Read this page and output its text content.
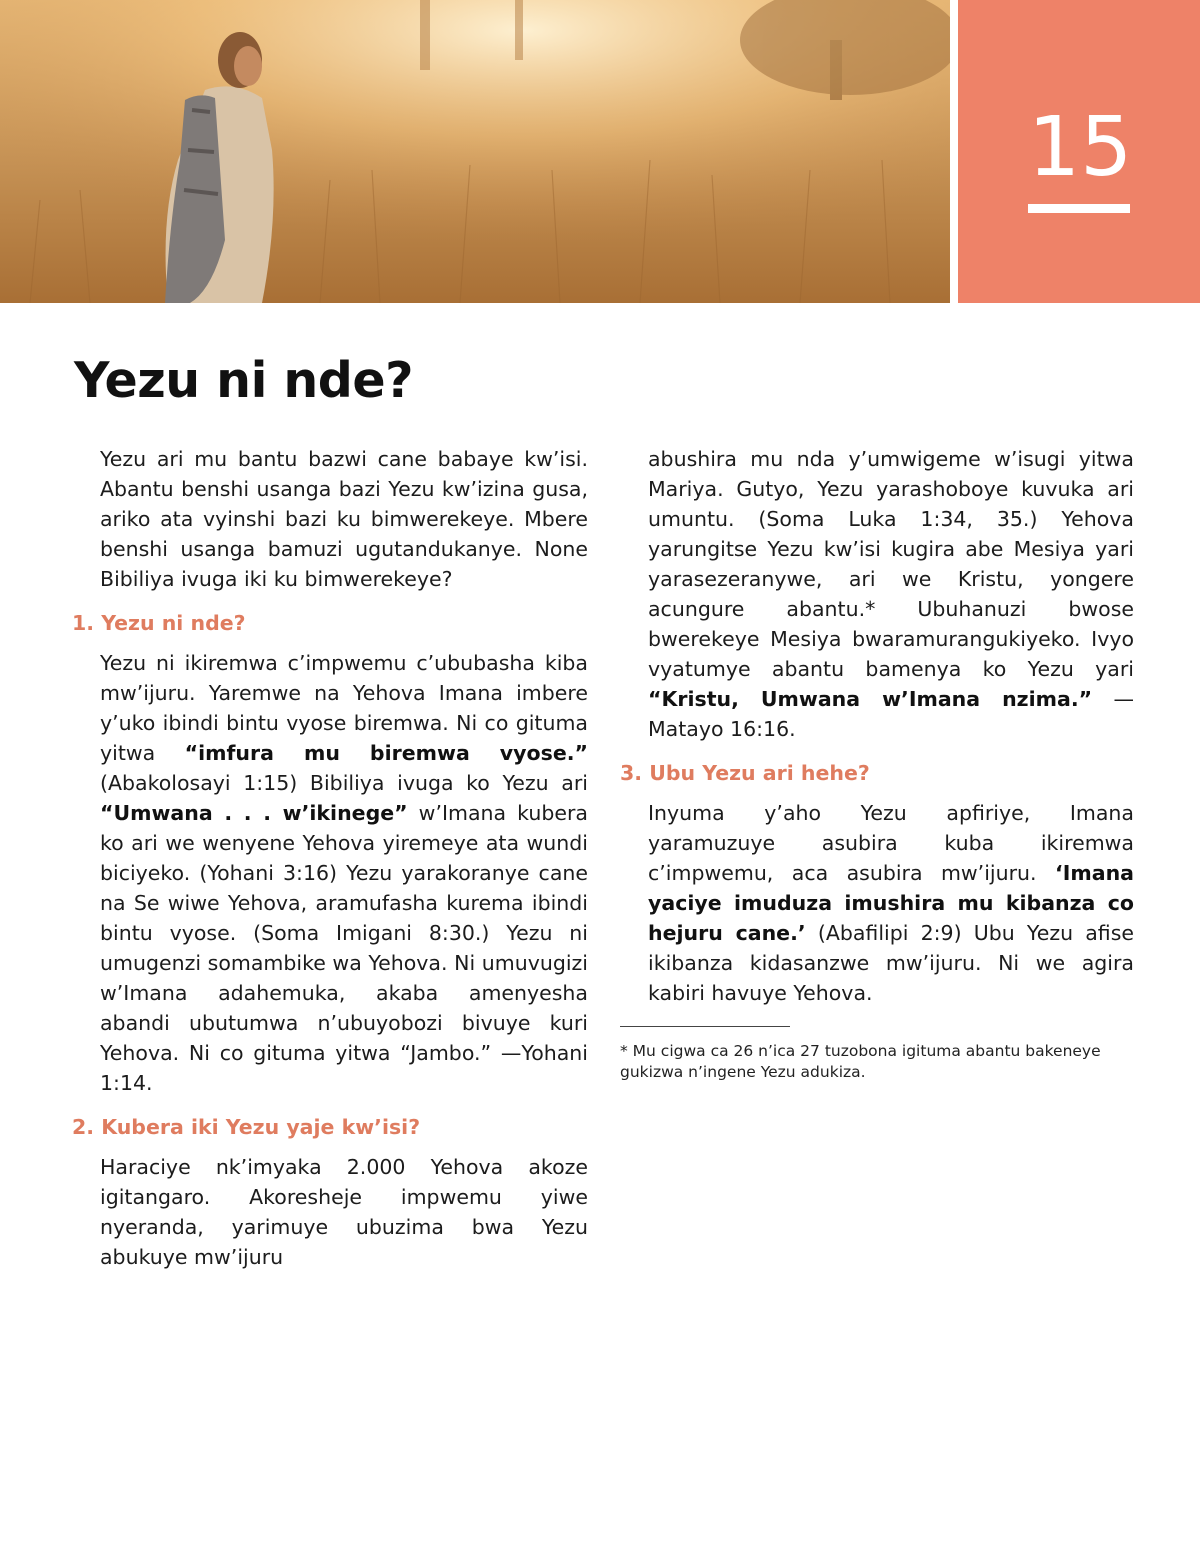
15
Yezu ni nde?

Yezu ari mu bantu bazwi cane babaye kw’isi. Abantu benshi usanga bazi Yezu kw’izina gusa, ariko ata vyinshi bazi ku bimwerekeye. Mbere benshi usanga bamuzi ugutandukanye. None Bibiliya ivuga iki ku bimwerekeye?

1. Yezu ni nde?

Yezu ni ikiremwa c’impwemu c’ububasha kiba mw’ijuru. Yaremwe na Yehova Imana imbere y’uko ibindi bintu vyose biremwa. Ni co gituma yitwa “imfura mu biremwa vyose.” (Abakolosayi 1:15) Bibiliya ivuga ko Yezu ari “Umwana . . . w’ikinege” w’Imana kubera ko ari we wenyene Yehova yiremeye ata wundi biciyeko. (Yohani 3:16) Yezu yarakoranye cane na Se wiwe Yehova, aramufasha kurema ibindi bintu vyose. (Soma Imigani 8:30.) Yezu ni umugenzi somambike wa Yehova. Ni umuvugizi w’Imana adahemuka, akaba amenyesha abandi ubutumwa n’ubuyobozi bivuye kuri Yehova. Ni co gituma yitwa “Jambo.” —Yohani 1:14.

2. Kubera iki Yezu yaje kw’isi?

Haraciye nk’imyaka 2.000 Yehova akoze igitangaro. Akoresheje impwemu yiwe nyeranda, yarimuye ubuzima bwa Yezu abukuye mw’ijuru

abushira mu nda y’umwigeme w’isugi yitwa Mariya. Gutyo, Yezu yarashoboye kuvuka ari umuntu. (Soma Luka 1:34, 35.) Yehova yarungitse Yezu kw’isi kugira abe Mesiya yari yarasezeranywe, ari we Kristu, yongere acungure abantu.* Ubuhanuzi bwose bwerekeye Mesiya bwaramurangukiyeko. Ivyo vyatumye abantu bamenya ko Yezu yari “Kristu, Umwana w’Imana nzima.” —Matayo 16:16.

3. Ubu Yezu ari hehe?

Inyuma y’aho Yezu apfiriye, Imana yaramuzuye asubira kuba ikiremwa c’impwemu, aca asubira mw’ijuru. ‘Imana yaciye imuduza imushira mu kibanza co hejuru cane.’ (Abafilipi 2:9) Ubu Yezu afise ikibanza kidasanzwe mw’ijuru. Ni we agira kabiri havuye Yehova.

* Mu cigwa ca 26 n’ica 27 tuzobona igituma abantu bakeneye gukizwa n’ingene Yezu adukiza.
